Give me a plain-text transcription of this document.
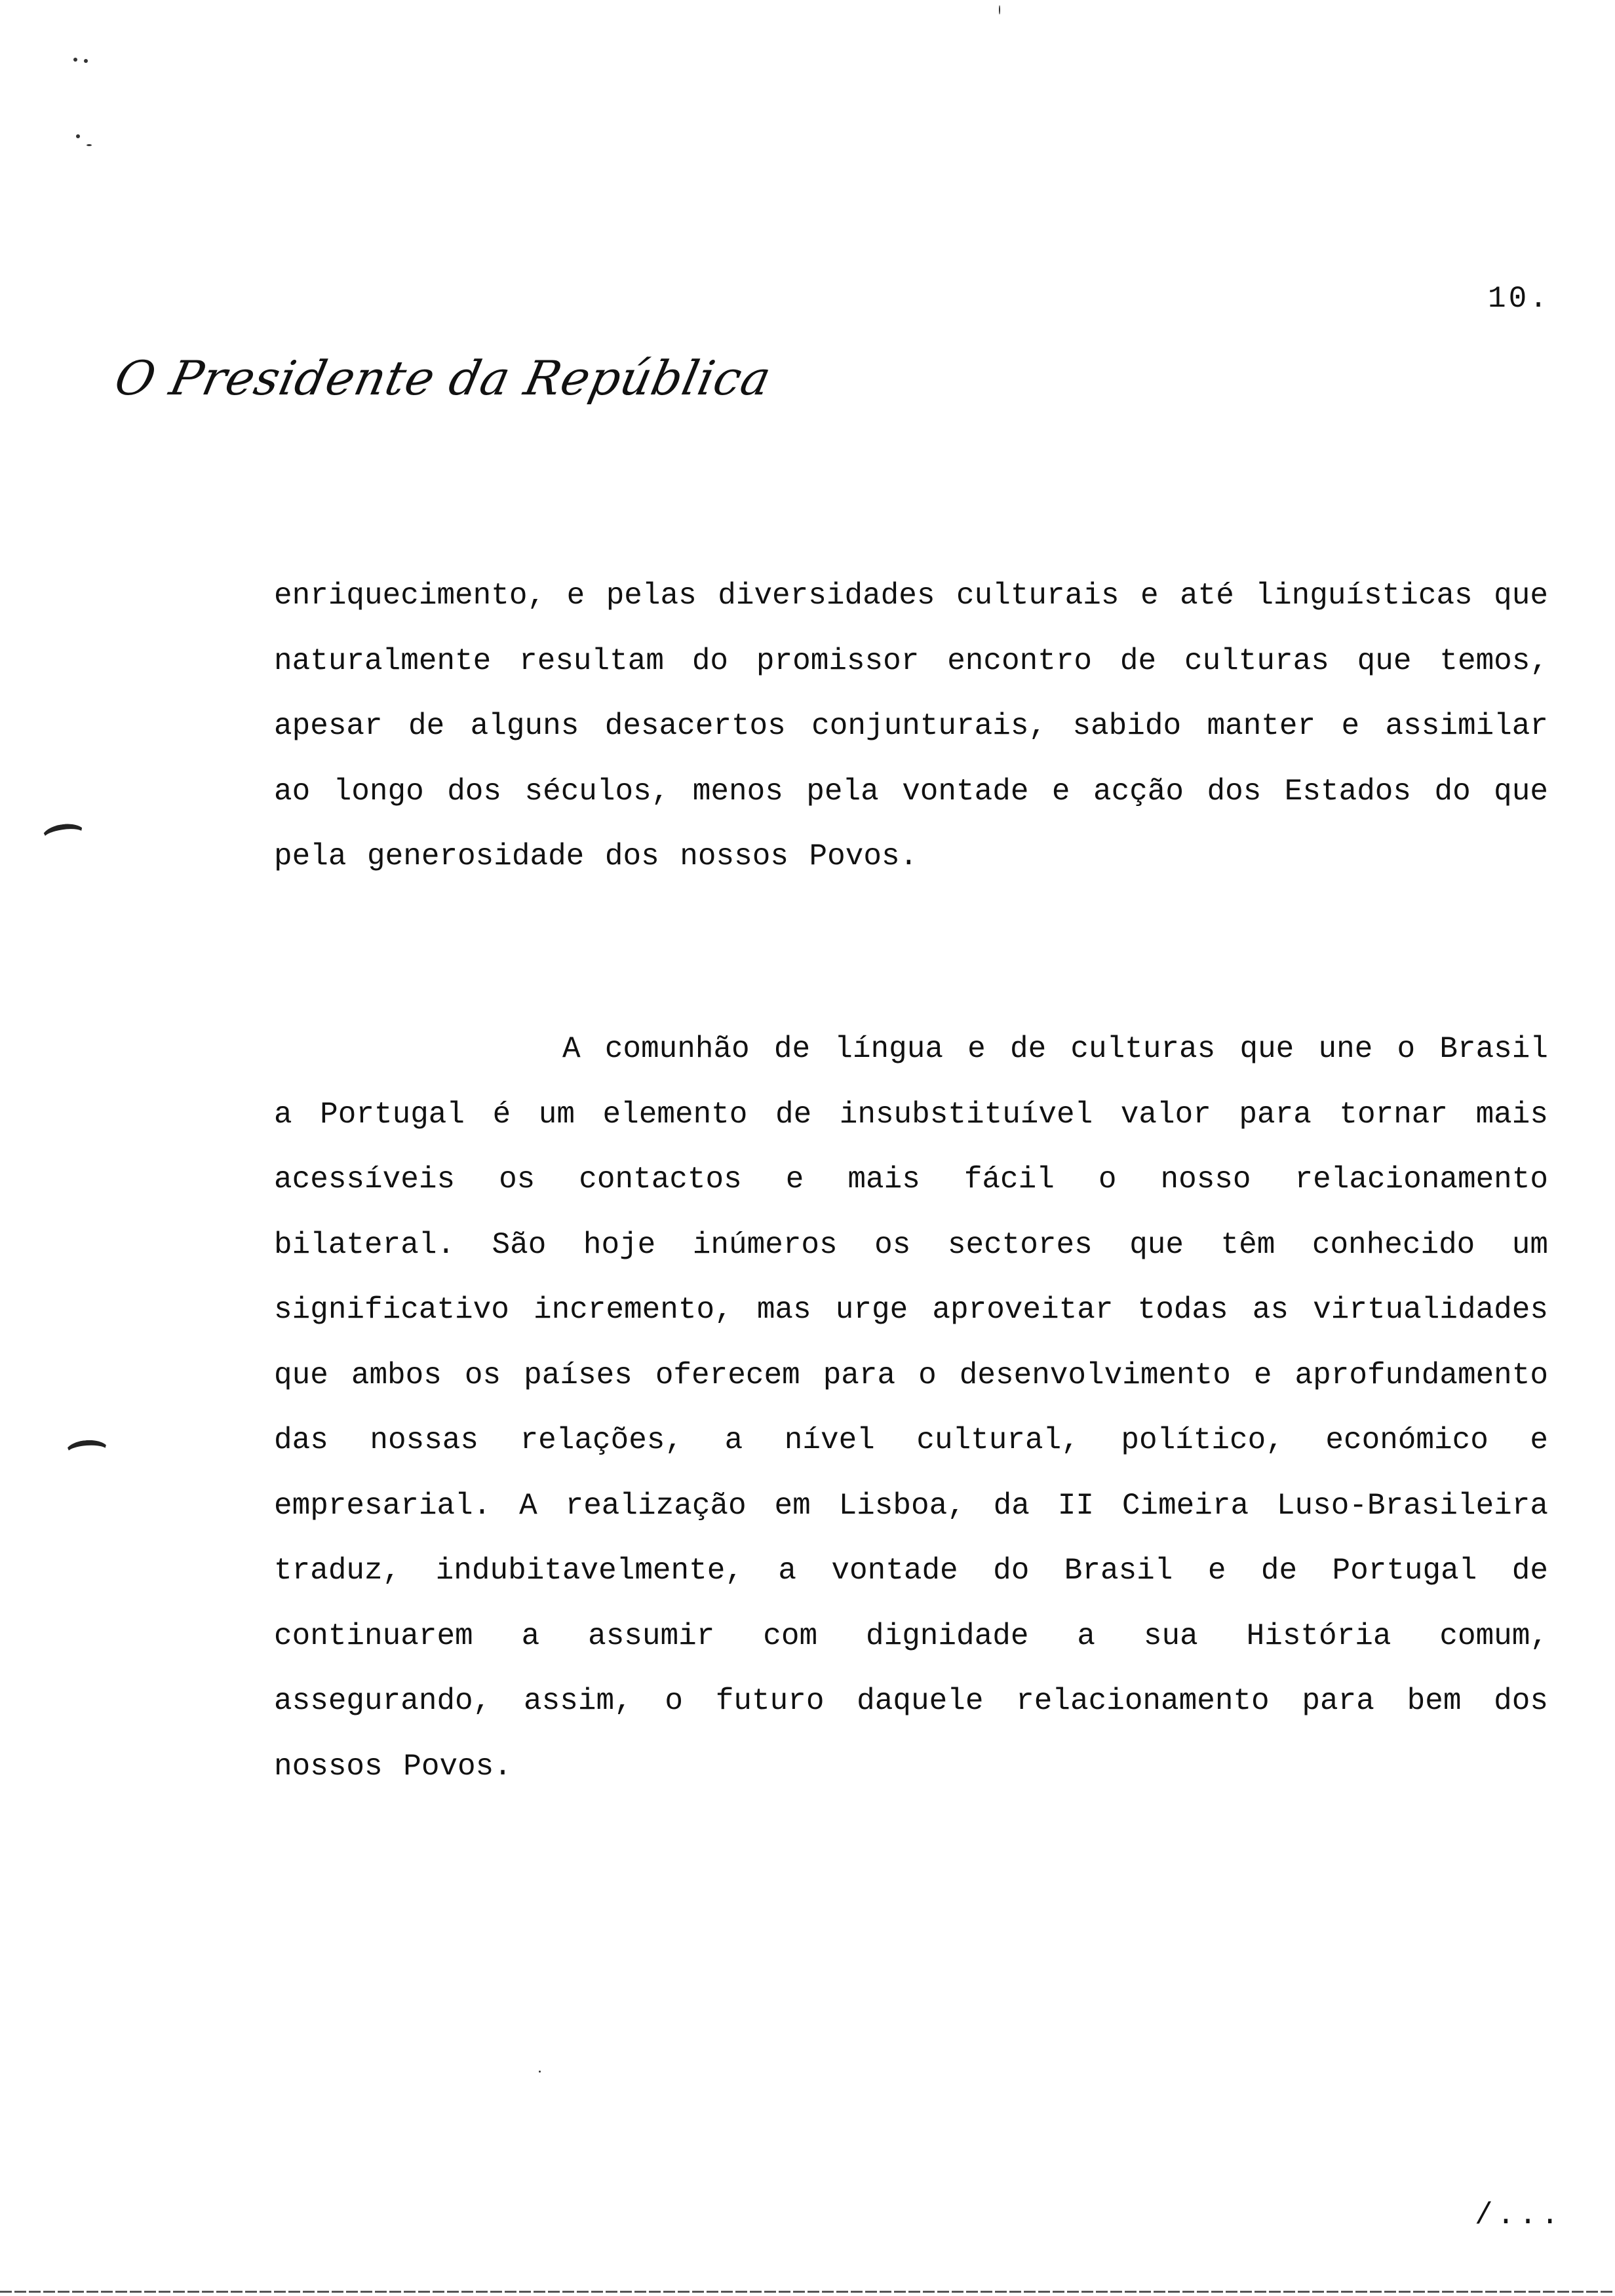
10.
O Presidente da República

enriquecimento, e pelas diversidades culturais e até linguísticas que naturalmente resultam do promissor encontro de culturas que temos, apesar de alguns desacertos conjunturais, sabido manter e assimilar ao longo dos séculos, menos pela vontade e acção dos Estados do que pela generosidade dos nossos Povos.

A comunhão de língua e de culturas que une o Brasil a Portugal é um elemento de insubstituível valor para tornar mais acessíveis os contactos e mais fácil o nosso relacionamento bilateral. São hoje inúmeros os sectores que têm conhecido um significativo incremento, mas urge aproveitar todas as virtualidades que ambos os países oferecem para o desenvolvimento e aprofundamento das nossas relações, a nível cultural, político, económico e empresarial. A realização em Lisboa, da II Cimeira Luso-Brasileira traduz, indubitavelmente, a vontade do Brasil e de Portugal de continuarem a assumir com dignidade a sua História comum, assegurando, assim, o futuro daquele relacionamento para bem dos nossos Povos.

/...
